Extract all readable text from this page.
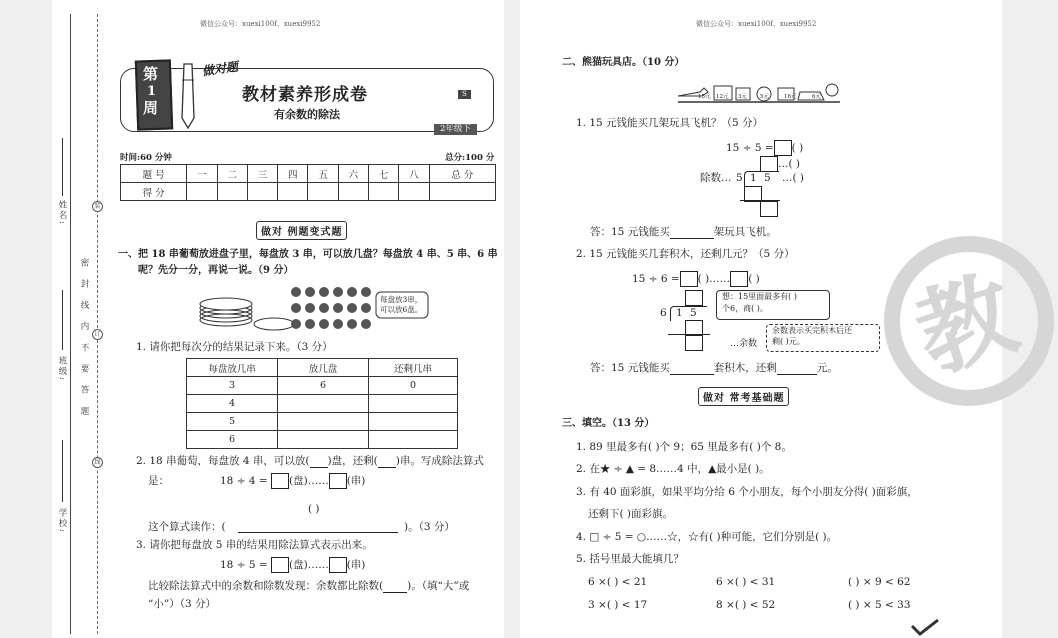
微信公众号：xuexi100f、xuexi9952
姓名:
班级:
学校:
密 封 线 内 不 要 答 题
装
订
线
第
1
周
做对题
教材素养形成卷
有余数的除法
S
2年级下
时间:60 分钟	总分:100 分
题 号	一	二	三	四	五	六	七	八	总 分
得 分									
做对 例题变式题
一、把 18 串葡萄放进盘子里，每盘放 3 串，可以放几盘？每盘放 4 串、5 串、6 串
呢？先分一分，再说一说。（9 分）
每盘放3串，
可以放6盘。
1. 请你把每次分的结果记录下来。（3 分）
每盘放几串	放几盘	还剩几串
3	6	0
4		
5		
6		
2. 18 串葡萄，每盘放 4 串，可以放( )盘，还剩( )串。写成除法算式
是：	18 ÷ 4 = (盘)…… (串)
( )
这个算式读作：(	)。（3 分）
3. 请你把每盘放 5 串的结果用除法算式表示出来。
18 ÷ 5 = (盘)…… (串)
比较除法算式中的余数和除数发现：余数都比除数( )。（填“大”或
“小”）（3 分）
微信公众号：xuexi100f、xuexi9952
二、熊猫玩具店。（10 分）
15元 12元 3元 5元	16元	6元
1. 15 元钱能买几架玩具飞机？（5 分）
15 ÷ 5 = ( )
…( )
除数… 5 1 5 …( )
答：15 元钱能买	架玩具飞机。
2. 15 元钱能买几套积木，还剩几元？（5 分）
15 ÷ 6 = ( )…… ( )
6 1 5
想：15里面最多有( )
个6，商( )。
余数表示买完积木后还
剩( )元。
…余数
答：15 元钱能买	套积木，还剩	元。
做对 常考基础题
三、填空。（13 分）
1. 89 里最多有( )个 9；65 里最多有( )个 8。
2. 在★ ÷ ▲ = 8……4 中，▲最小是( )。
3. 有 40 面彩旗，如果平均分给 6 个小朋友，每个小朋友分得( )面彩旗，
还剩下( )面彩旗。
4. □ ÷ 5 = ○……☆，☆有( )种可能，它们分别是( )。
5. 括号里最大能填几？
6 ×( ) < 21	6 ×( ) < 31	( ) × 9 < 62
3 ×( ) < 17	8 ×( ) < 52	( ) × 5 < 33
教
